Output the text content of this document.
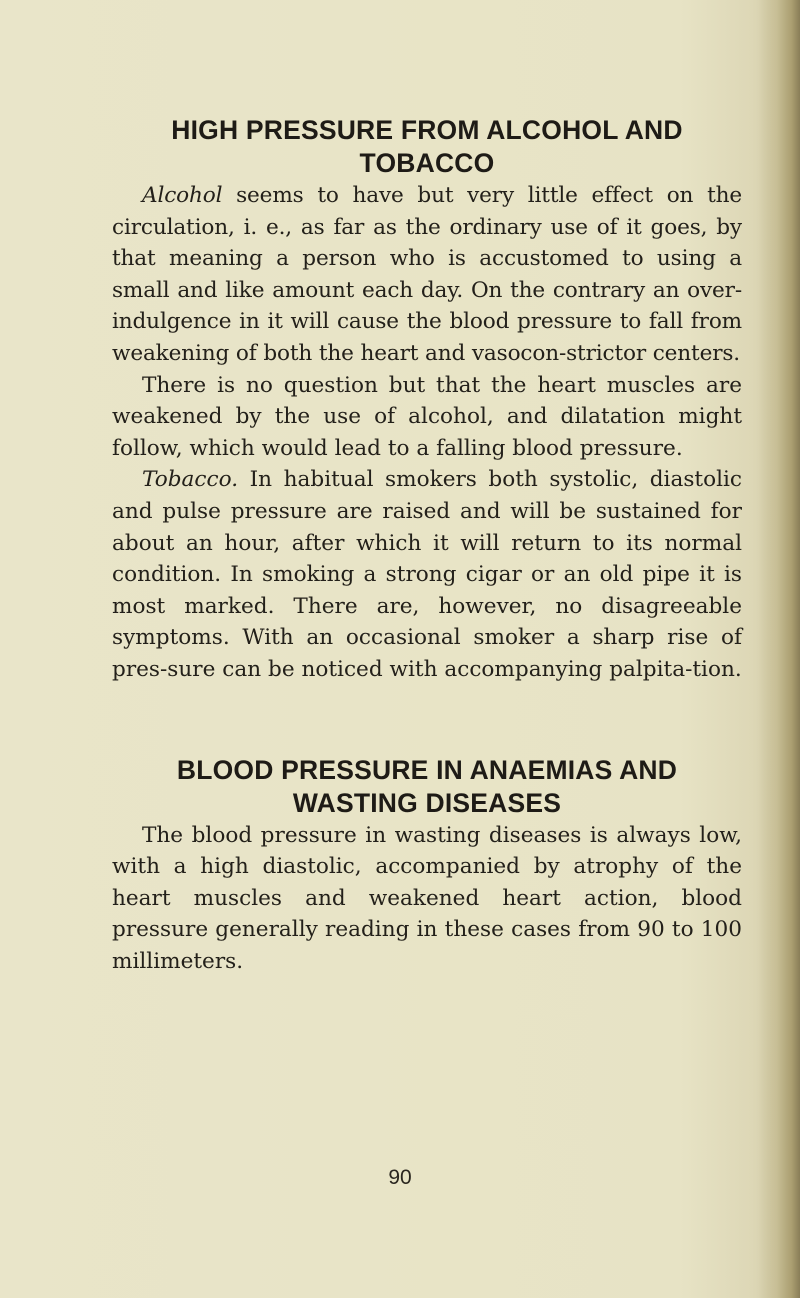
HIGH PRESSURE FROM ALCOHOL AND TOBACCO

Alcohol seems to have but very little effect on the circulation, i. e., as far as the ordinary use of it goes, by that meaning a person who is accustomed to using a small and like amount each day. On the contrary an over-indulgence in it will cause the blood pressure to fall from weakening of both the heart and vasocon-strictor centers.

There is no question but that the heart muscles are weakened by the use of alcohol, and dilatation might follow, which would lead to a falling blood pressure.

Tobacco. In habitual smokers both systolic, diastolic and pulse pressure are raised and will be sustained for about an hour, after which it will return to its normal condition. In smoking a strong cigar or an old pipe it is most marked. There are, however, no disagreeable symptoms. With an occasional smoker a sharp rise of pres-sure can be noticed with accompanying palpita-tion.

BLOOD PRESSURE IN ANAEMIAS AND WASTING DISEASES

The blood pressure in wasting diseases is always low, with a high diastolic, accompanied by atrophy of the heart muscles and weakened heart action, blood pressure generally reading in these cases from 90 to 100 millimeters.

90
